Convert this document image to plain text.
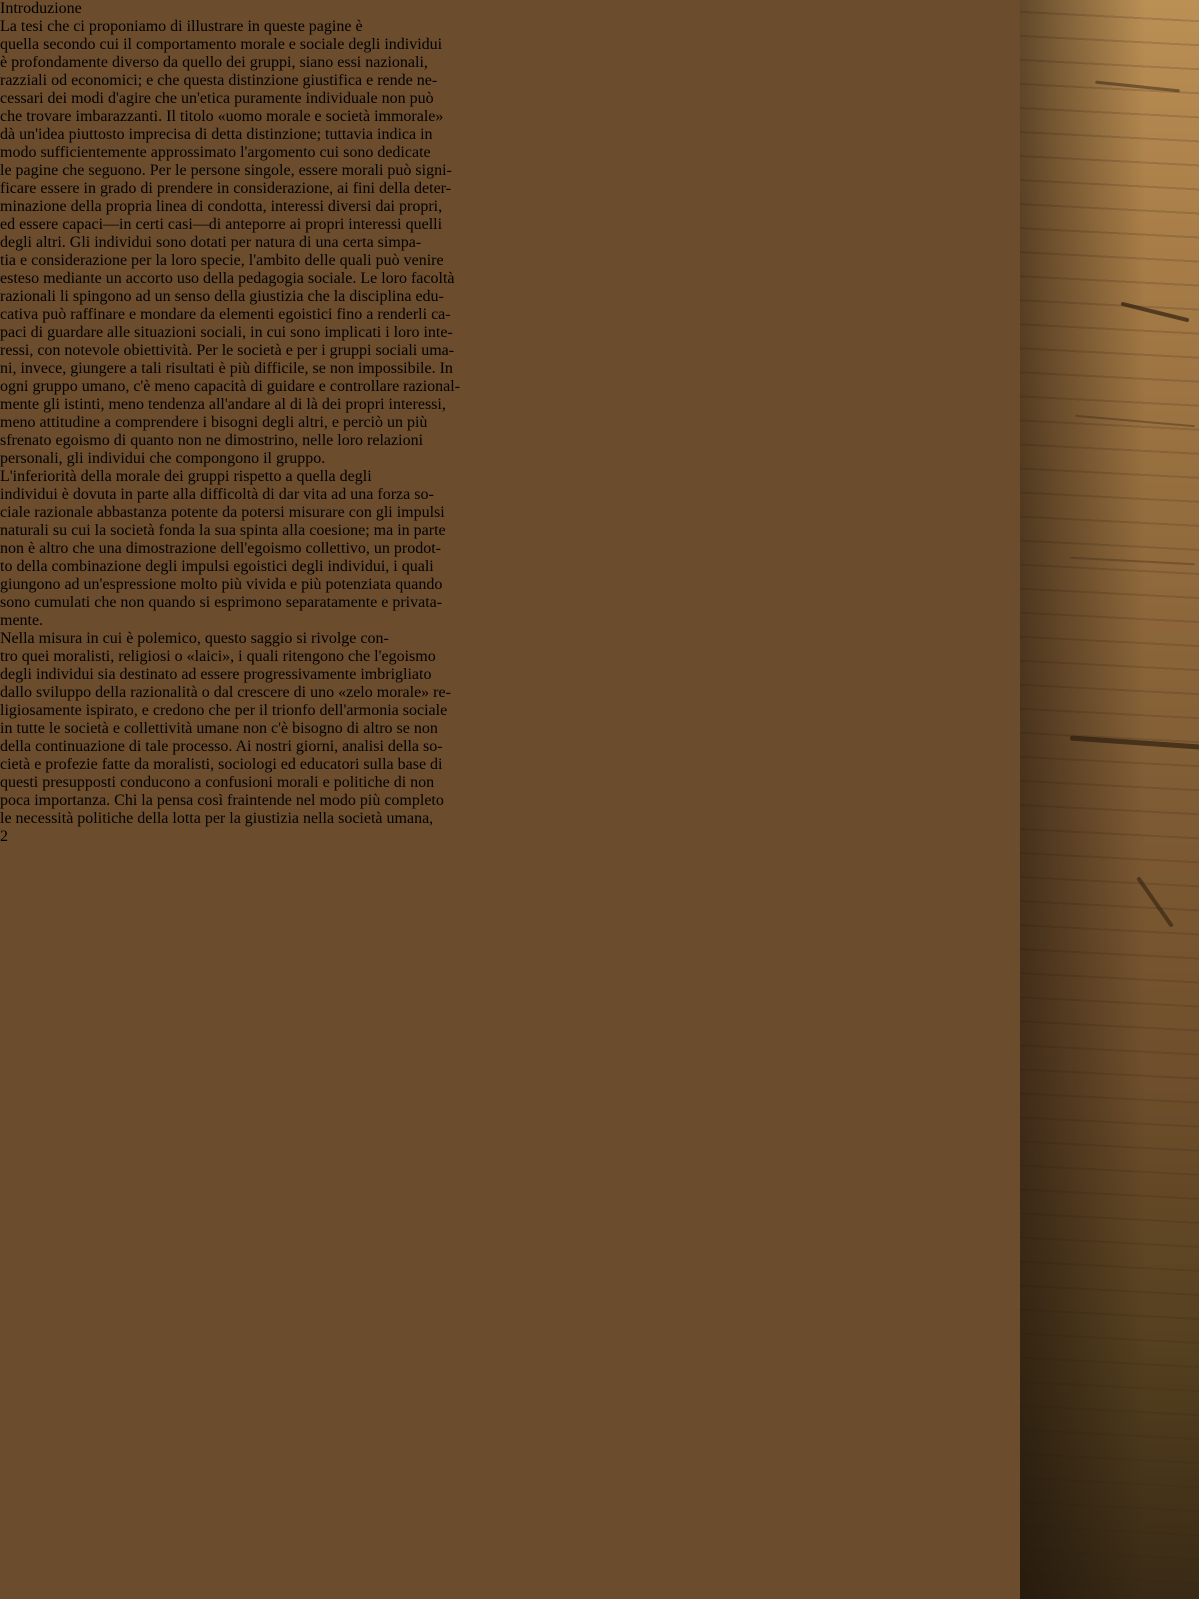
Introduzione
La tesi che ci proponiamo di illustrare in queste pagine è
quella secondo cui il comportamento morale e sociale degli individui
è profondamente diverso da quello dei gruppi, siano essi nazionali,
razziali od economici; e che questa distinzione giustifica e rende ne-
cessari dei modi d'agire che un'etica puramente individuale non può
che trovare imbarazzanti. Il titolo «uomo morale e società immorale»
dà un'idea piuttosto imprecisa di detta distinzione; tuttavia indica in
modo sufficientemente approssimato l'argomento cui sono dedicate
le pagine che seguono. Per le persone singole, essere morali può signi-
ficare essere in grado di prendere in considerazione, ai fini della deter-
minazione della propria linea di condotta, interessi diversi dai propri,
ed essere capaci—in certi casi—di anteporre ai propri interessi quelli
degli altri. Gli individui sono dotati per natura di una certa simpa-
tia e considerazione per la loro specie, l'ambito delle quali può venire
esteso mediante un accorto uso della pedagogia sociale. Le loro facoltà
razionali li spingono ad un senso della giustizia che la disciplina edu-
cativa può raffinare e mondare da elementi egoistici fino a renderli ca-
paci di guardare alle situazioni sociali, in cui sono implicati i loro inte-
ressi, con notevole obiettività. Per le società e per i gruppi sociali uma-
ni, invece, giungere a tali risultati è più difficile, se non impossibile. In
ogni gruppo umano, c'è meno capacità di guidare e controllare razional-
mente gli istinti, meno tendenza all'andare al di là dei propri interessi,
meno attitudine a comprendere i bisogni degli altri, e perciò un più
sfrenato egoismo di quanto non ne dimostrino, nelle loro relazioni
personali, gli individui che compongono il gruppo.
L'inferiorità della morale dei gruppi rispetto a quella degli
individui è dovuta in parte alla difficoltà di dar vita ad una forza so-
ciale razionale abbastanza potente da potersi misurare con gli impulsi
naturali su cui la società fonda la sua spinta alla coesione; ma in parte
non è altro che una dimostrazione dell'egoismo collettivo, un prodot-
to della combinazione degli impulsi egoistici degli individui, i quali
giungono ad un'espressione molto più vivida e più potenziata quando
sono cumulati che non quando si esprimono separatamente e privata-
mente.
Nella misura in cui è polemico, questo saggio si rivolge con-
tro quei moralisti, religiosi o «laici», i quali ritengono che l'egoismo
degli individui sia destinato ad essere progressivamente imbrigliato
dallo sviluppo della razionalità o dal crescere di uno «zelo morale» re-
ligiosamente ispirato, e credono che per il trionfo dell'armonia sociale
in tutte le società e collettività umane non c'è bisogno di altro se non
della continuazione di tale processo. Ai nostri giorni, analisi della so-
cietà e profezie fatte da moralisti, sociologi ed educatori sulla base di
questi presupposti conducono a confusioni morali e politiche di non
poca importanza. Chi la pensa così fraintende nel modo più completo
le necessità politiche della lotta per la giustizia nella società umana,
2
